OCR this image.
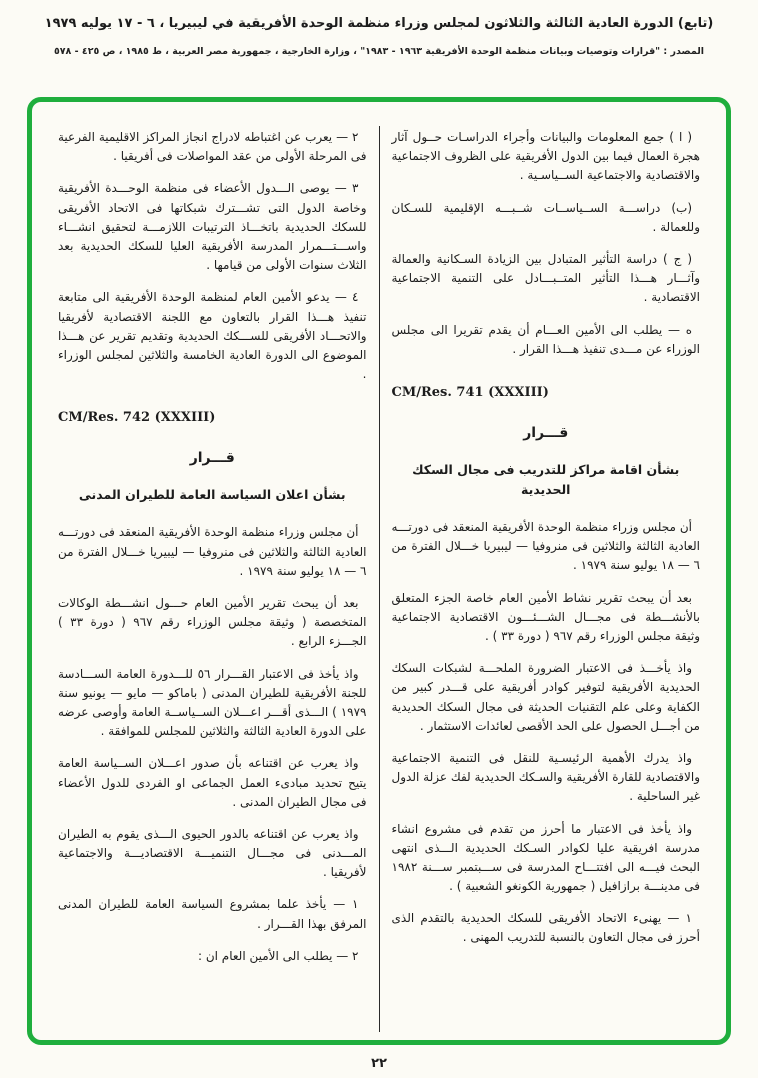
(تابع) الدورة العادية الثالثة والثلاثون لمجلس وزراء منظمة الوحدة الأفريقية في ليبيريا ، ٦ - ١٧ يوليه ١٩٧٩

المصدر : "قرارات وتوصيات وبيانات منظمة الوحدة الأفريقية ١٩٦٣ - ١٩٨٣" ، وزارة الخارجية ، جمهورية مصر العربية ، ط ١٩٨٥ ، ص ٤٢٥ - ٥٧٨

( ا ) جمع المعلومات والبيانات وأجراء الدراسـات حــول آثار هجرة العمال فيما بين الدول الأفريقية على الظروف الاجتماعية والاقتصادية والاجتماعية الســياسـية .

(ب) دراســـة الســياســات شــبـــه الإقليمية للسـكان وللعمالة .

( ج ) دراسة التأثير المتبادل بين الزيادة السـكانية والعمالة وآثـــار هـــذا التأثير المتــبـــادل على التنمية الاجتماعية الاقتصادية .

ه — يطلب الى الأمين العـــام أن يقدم تقريرا الى مجلس الوزراء عن مـــدى تنفيذ هـــذا القرار .

CM/Res. 741 (XXXIII)

قـــرار

بشأن اقامة مراكز للتدريب فى مجال السكك الحديدية

أن مجلس وزراء منظمة الوحدة الأفريقية المنعقد فى دورتـــه العادية الثالثة والثلاثين فى منروفيا — ليبيريا خـــلال الفترة من ٦ — ١٨ يوليو سنة ١٩٧٩ .

بعد أن يبحث تقرير نشاط الأمين العام خاصة الجزء المتعلق بالأنشـــطة فى مجـــال الشـــئـــون الاقتصادية الاجتماعية وثيقة مجلس الوزراء رقم ٩٦٧ ( دورة ٣٣ ) .

واذ يأخـــذ فى الاعتبار الضرورة الملحـــة لشبكات السكك الحديدية الأفريقية لتوفير كوادر أفريقية على قـــدر كبير من الكفاية وعلى علم التقنيات الحديثة فى مجال السكك الحديدية من أجـــل الحصول على الحد الأقصى لعائدات الاستثمار .

واذ يدرك الأهمية الرئيسـية للنقل فى التنمية الاجتماعية والاقتصادية للقارة الأفريقية والسـكك الحديدية لفك عزلة الدول غير الساحلية .

واذ يأخذ فى الاعتبار ما أحرز من تقدم فى مشروع انشاء مدرسة افريقية عليا لكوادر السـكك الحديدية الـــذى انتهى البحث فيـــه الى افتتـــاح المدرسة فى ســـبتمبر ســـنة ١٩٨٢ فى مدينـــة برازافيل ( جمهورية الكونغو الشعبية ) .

١ — يهنىء الاتحاد الأفريقى للسكك الحديدية بالتقدم الذى أحرز فى مجال التعاون بالنسبة للتدريب المهنى .

٢ — يعرب عن اغتباطه لادراج انجاز المراكز الاقليمية الفرعية فى المرحلة الأولى من عقد المواصلات فى أفريقيا .

٣ — يوصى الـــدول الأعضاء فى منظمة الوحـــدة الأفريقية وخاصة الدول التى تشـــترك شبكاتها فى الاتحاد الأفريقى للسكك الحديدية باتخـــاذ الترتيبات اللازمـــة لتحقيق انشـــاء واســـتـــمرار المدرسة الأفريقية العليا للسكك الحديدية بعد الثلاث سنوات الأولى من قيامها .

٤ — يدعو الأمين العام لمنظمة الوحدة الأفريقية الى متابعة تنفيذ هـــذا القرار بالتعاون مع اللجنة الاقتصادية لأفريقيا والاتحـــاد الأفريقى للســـكك الحديدية وتقديم تقرير عن هـــذا الموضوع الى الدورة العادية الخامسة والثلاثين لمجلس الوزراء .

CM/Res. 742 (XXXIII)

قـــرار

بشأن اعلان السياسة العامة للطيران المدنى

أن مجلس وزراء منظمة الوحدة الأفريقية المنعقد فى دورتـــه العادية الثالثة والثلاثين فى منروفيا — ليبيريا خـــلال الفترة من ٦ — ١٨ يوليو سنة ١٩٧٩ .

بعد أن يبحث تقرير الأمين العام حـــول انشـــطة الوكالات المتخصصة ( وثيقة مجلس الوزراء رقم ٩٦٧ ( دورة ٣٣ ) الجـــزء الرابع .

واذ يأخذ فى الاعتبار القـــرار ٥٦ للـــدورة العامة الســـادسة للجنة الأفريقية للطيران المدنى ( باماكو — مايو — يونيو سنة ١٩٧٩ ) الـــذى أقـــر اعـــلان الســياســة العامة وأوصى عرضه على الدورة العادية الثالثة والثلاثين للمجلس للموافقة .

واذ يعرب عن اقتناعه بأن صدور اعـــلان الســياسة العامة يتيح تحديد مبادىء العمل الجماعى او الفردى للدول الأعضاء فى مجال الطيران المدنى .

واذ يعرب عن اقتناعه بالدور الحيوى الـــذى يقوم به الطيران المـــدنى فى مجـــال التنميـــة الاقتصاديـــة والاجتماعية لأفريقيا .

١ — يأخذ علما بمشروع السياسة العامة للطيران المدنى المرفق بهذا القـــرار .

٢ — يطلب الى الأمين العام ان :

٢٢
